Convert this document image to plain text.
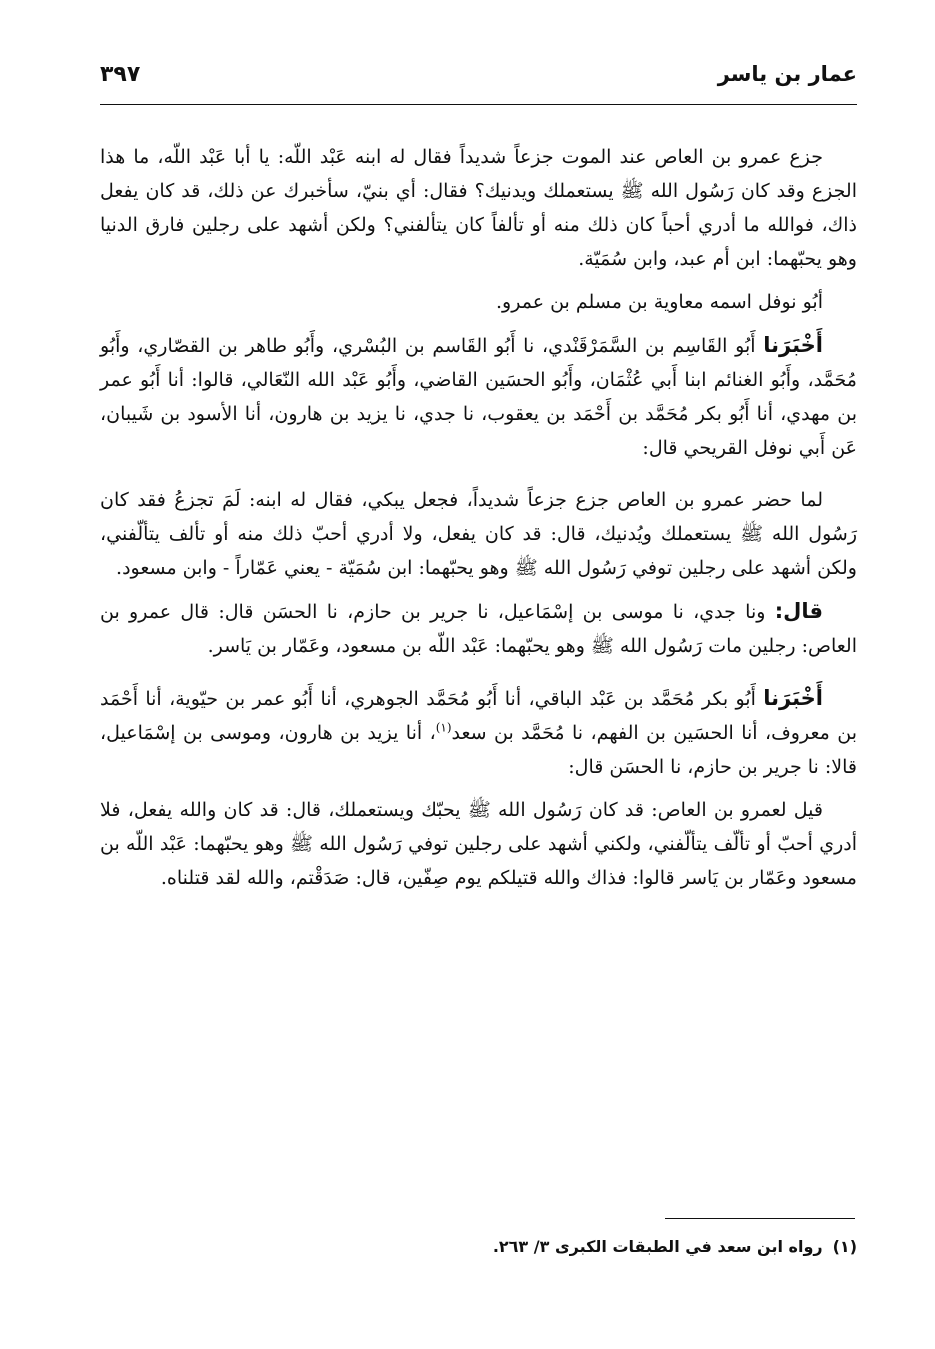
عمار بن ياسر
٣٩٧

جزع عمرو بن العاص عند الموت جزعاً شديداً فقال له ابنه عَبْد اللّه: يا أبا عَبْد اللّه، ما هذا الجزع وقد كان رَسُول الله ﷺ يستعملك ويدنيك؟ فقال: أي بنيّ، سأخبرك عن ذلك، قد كان يفعل ذاك، فوالله ما أدري أحباً كان ذلك منه أو تألفاً كان يتألفني؟ ولكن أشهد على رجلين فارق الدنيا وهو يحبّهما: ابن أم عبد، وابن سُمَيّة.

أبُو نوفل اسمه معاوية بن مسلم بن عمرو.

أَخْبَرَنا أَبُو القَاسِم بن السَّمَرْقَنْدي، نا أَبُو القَاسم بن البُسْري، وأَبُو طاهر بن القصّاري، وأَبُو مُحَمَّد، وأَبُو الغنائم ابنا أَبي عُثْمَان، وأَبُو الحسَين القاضي، وأَبُو عَبْد الله النّعَالي، قالوا: أنا أَبُو عمر بن مهدي، أنا أَبُو بكر مُحَمَّد بن أَحْمَد بن يعقوب، نا جدي، نا يزيد بن هارون، أنا الأسود بن شَيبان، عَن أَبي نوفل القريحي قال:

لما حضر عمرو بن العاص جزع جزعاً شديداً، فجعل يبكي، فقال له ابنه: لَمَ تجزعُ فقد كان رَسُول الله ﷺ يستعملك ويُدنيك، قال: قد كان يفعل، ولا أدري أحبّ ذلك منه أو تألف يتألّفني، ولكن أشهد على رجلين توفي رَسُول الله ﷺ وهو يحبّهما: ابن سُمَيّة - يعني عَمّاراً - وابن مسعود.

قال: ونا جدي، نا موسى بن إسْمَاعيل، نا جرير بن حازم، نا الحسَن قال: قال عمرو بن العاص: رجلين مات رَسُول الله ﷺ وهو يحبّهما: عَبْد اللّه بن مسعود، وعَمّار بن يَاسر.

أَخْبَرَنا أَبُو بكر مُحَمَّد بن عَبْد الباقي، أنا أَبُو مُحَمَّد الجوهري، أنا أَبُو عمر بن حيّوية، أنا أَحْمَد بن معروف، أنا الحسَين بن الفهم، نا مُحَمَّد بن سعد$^{(١)}$، أنا يزيد بن هارون، وموسى بن إسْمَاعيل، قالا: نا جرير بن حازم، نا الحسَن قال:

قيل لعمرو بن العاص: قد كان رَسُول الله ﷺ يحبّك ويستعملك، قال: قد كان والله يفعل، فلا أدري أحبّ أو تألّف يتألّفني، ولكني أشهد على رجلين توفي رَسُول الله ﷺ وهو يحبّهما: عَبْد اللّه بن مسعود وعَمّار بن يَاسر قالوا: فذاك والله قتيلكم يوم صِفّين، قال: صَدَقْتم، والله لقد قتلناه.

(١)رواه ابن سعد في الطبقات الكبرى ٣/ ٢٦٣.
